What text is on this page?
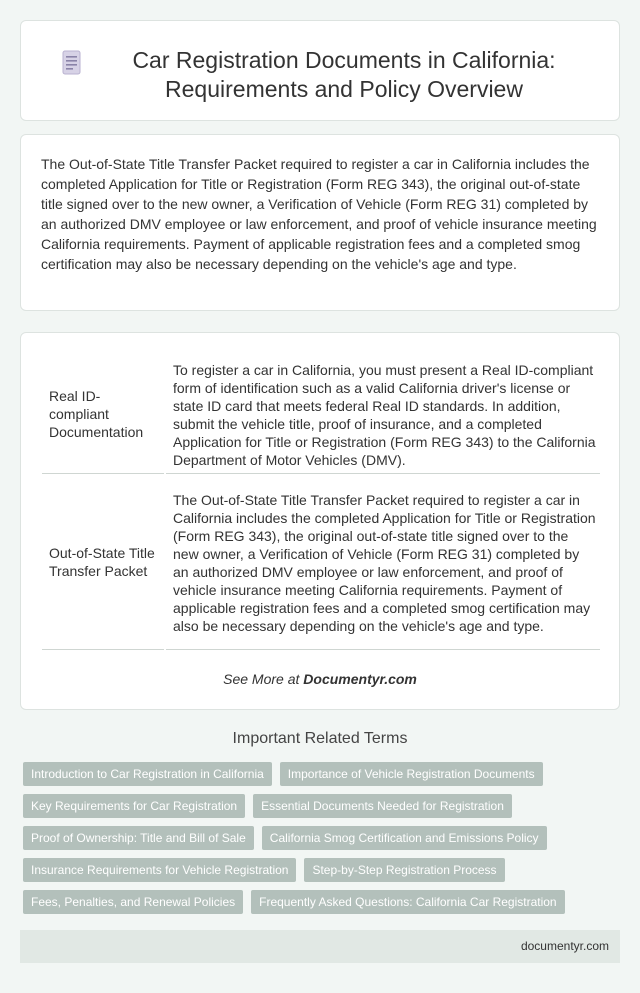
Car Registration Documents in California: Requirements and Policy Overview

The Out-of-State Title Transfer Packet required to register a car in California includes the completed Application for Title or Registration (Form REG 343), the original out-of-state title signed over to the new owner, a Verification of Vehicle (Form REG 31) completed by an authorized DMV employee or law enforcement, and proof of vehicle insurance meeting California requirements. Payment of applicable registration fees and a completed smog certification may also be necessary depending on the vehicle's age and type.

Real ID-compliant Documentation	To register a car in California, you must present a Real ID-compliant form of identification such as a valid California driver's license or state ID card that meets federal Real ID standards. In addition, submit the vehicle title, proof of insurance, and a completed Application for Title or Registration (Form REG 343) to the California Department of Motor Vehicles (DMV).
Out-of-State Title Transfer Packet	The Out-of-State Title Transfer Packet required to register a car in California includes the completed Application for Title or Registration (Form REG 343), the original out-of-state title signed over to the new owner, a Verification of Vehicle (Form REG 31) completed by an authorized DMV employee or law enforcement, and proof of vehicle insurance meeting California requirements. Payment of applicable registration fees and a completed smog certification may also be necessary depending on the vehicle's age and type.
See More at Documentyr.com
Important Related Terms
Introduction to Car Registration in California	Importance of Vehicle Registration Documents
Key Requirements for Car Registration	Essential Documents Needed for Registration
Proof of Ownership: Title and Bill of Sale	California Smog Certification and Emissions Policy
Insurance Requirements for Vehicle Registration	Step-by-Step Registration Process
Fees, Penalties, and Renewal Policies	Frequently Asked Questions: California Car Registration
documentyr.com
